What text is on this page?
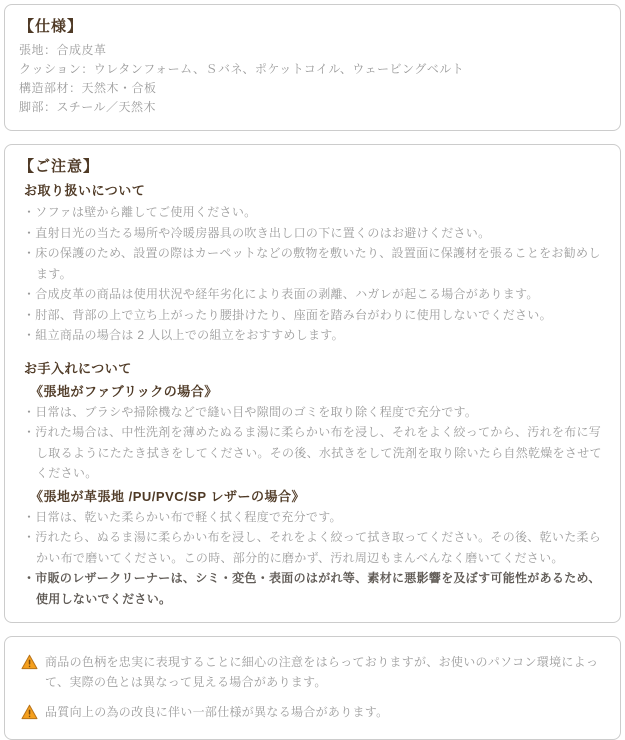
【仕様】

張地：合成皮革

クッション：ウレタンフォーム、Ｓバネ、ポケットコイル、ウェービングベルト

構造部材：天然木・合板

脚部：スチール／天然木

【ご注意】
お取り扱いについて

・ソファは壁から離してご使用ください。

・直射日光の当たる場所や冷暖房器具の吹き出し口の下に置くのはお避けください。

・床の保護のため、設置の際はカーペットなどの敷物を敷いたり、設置面に保護材を張ることをお勧めします。

・合成皮革の商品は使用状況や経年劣化により表面の剥離、ハガレが起こる場合があります。

・肘部、背部の上で立ち上がったり腰掛けたり、座面を踏み台がわりに使用しないでください。

・組立商品の場合は 2 人以上での組立をおすすめします。

お手入れについて
《張地がファブリックの場合》

・日常は、ブラシや掃除機などで縫い目や隙間のゴミを取り除く程度で充分です。

・汚れた場合は、中性洗剤を薄めたぬるま湯に柔らかい布を浸し、それをよく絞ってから、汚れを布に写し取るようにたたき拭きをしてください。その後、水拭きをして洗剤を取り除いたら自然乾燥をさせてください。

《張地が革張地 /PU/PVC/SP レザーの場合》

・日常は、乾いた柔らかい布で軽く拭く程度で充分です。

・汚れたら、ぬるま湯に柔らかい布を浸し、それをよく絞って拭き取ってください。その後、乾いた柔らかい布で磨いてください。この時、部分的に磨かず、汚れ周辺もまんべんなく磨いてください。

・市販のレザークリーナーは、シミ・変色・表面のはがれ等、素材に悪影響を及ぼす可能性があるため、使用しないでください。

商品の色柄を忠実に表現することに細心の注意をはらっておりますが、お使いのパソコン環境によって、実際の色とは異なって見える場合があります。

品質向上の為の改良に伴い一部仕様が異なる場合があります。
